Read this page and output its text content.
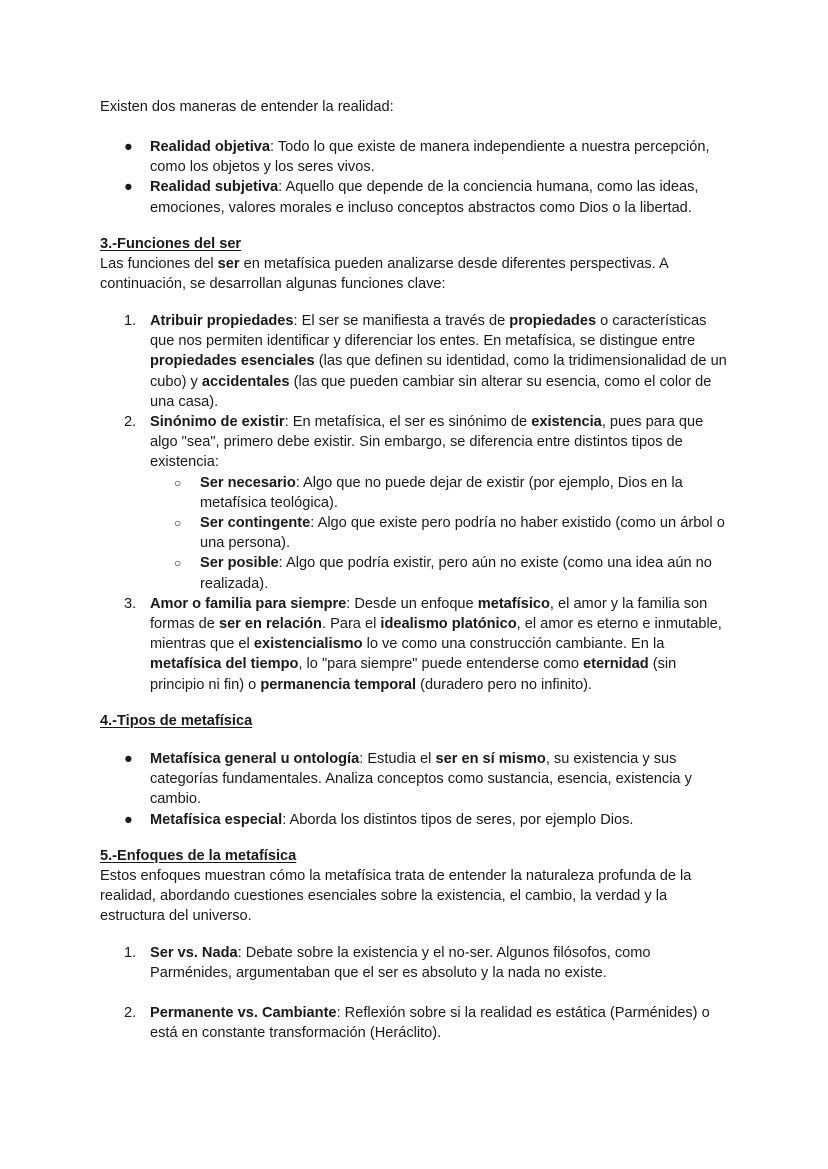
Existen dos maneras de entender la realidad:

● Realidad objetiva: Todo lo que existe de manera independiente a nuestra percepción, como los objetos y los seres vivos.
● Realidad subjetiva: Aquello que depende de la conciencia humana, como las ideas, emociones, valores morales e incluso conceptos abstractos como Dios o la libertad.

3.-Funciones del ser

Las funciones del ser en metafísica pueden analizarse desde diferentes perspectivas. A continuación, se desarrollan algunas funciones clave:

1. Atribuir propiedades: El ser se manifiesta a través de propiedades o características que nos permiten identificar y diferenciar los entes. En metafísica, se distingue entre propiedades esenciales (las que definen su identidad, como la tridimensionalidad de un cubo) y accidentales (las que pueden cambiar sin alterar su esencia, como el color de una casa).
2. Sinónimo de existir: En metafísica, el ser es sinónimo de existencia, pues para que algo "sea", primero debe existir. Sin embargo, se diferencia entre distintos tipos de existencia:
○ Ser necesario: Algo que no puede dejar de existir (por ejemplo, Dios en la metafísica teológica).
○ Ser contingente: Algo que existe pero podría no haber existido (como un árbol o una persona).
○ Ser posible: Algo que podría existir, pero aún no existe (como una idea aún no realizada).
3. Amor o familia para siempre: Desde un enfoque metafísico, el amor y la familia son formas de ser en relación. Para el idealismo platónico, el amor es eterno e inmutable, mientras que el existencialismo lo ve como una construcción cambiante. En la metafísica del tiempo, lo "para siempre" puede entenderse como eternidad (sin principio ni fin) o permanencia temporal (duradero pero no infinito).

4.-Tipos de metafísica

● Metafísica general u ontología: Estudia el ser en sí mismo, su existencia y sus categorías fundamentales. Analiza conceptos como sustancia, esencia, existencia y cambio.
● Metafísica especial: Aborda los distintos tipos de seres, por ejemplo Dios.

5.-Enfoques de la metafísica

Estos enfoques muestran cómo la metafísica trata de entender la naturaleza profunda de la realidad, abordando cuestiones esenciales sobre la existencia, el cambio, la verdad y la estructura del universo.

1. Ser vs. Nada: Debate sobre la existencia y el no-ser. Algunos filósofos, como Parménides, argumentaban que el ser es absoluto y la nada no existe.
2. Permanente vs. Cambiante: Reflexión sobre si la realidad es estática (Parménides) o está en constante transformación (Heráclito).
